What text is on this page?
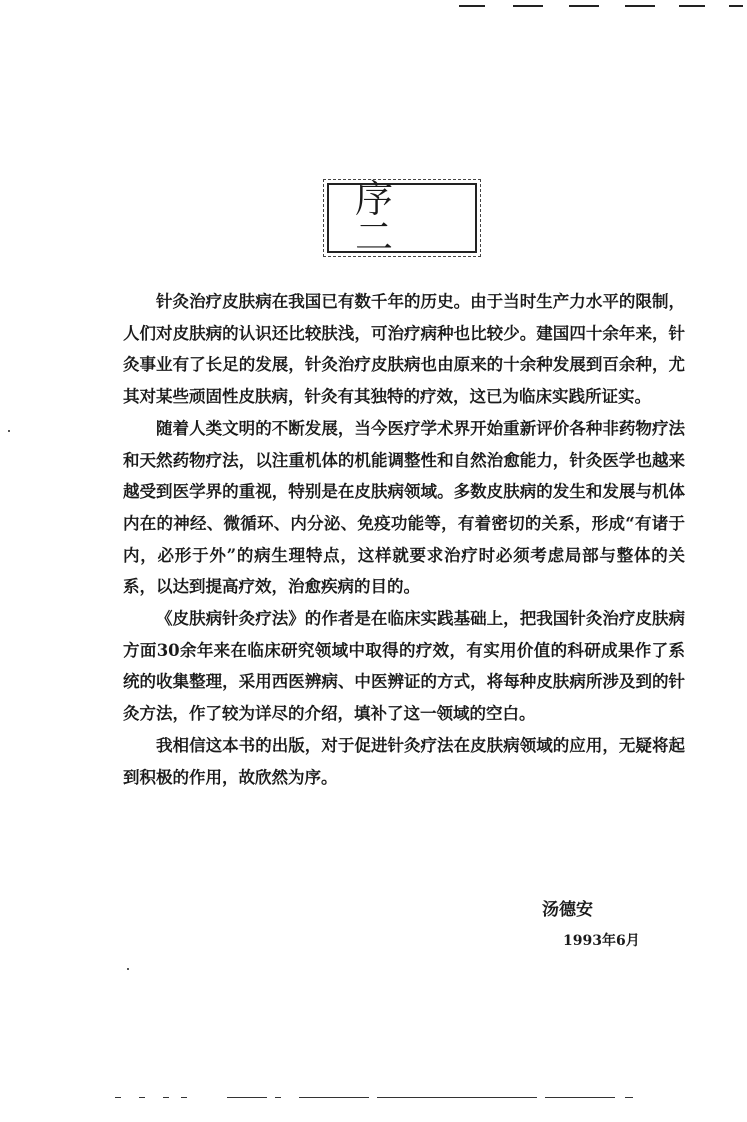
序 二

针灸治疗皮肤病在我国已有数千年的历史。由于当时生产力水平的限制，人们对皮肤病的认识还比较肤浅，可治疗病种也比较少。建国四十余年来，针灸事业有了长足的发展，针灸治疗皮肤病也由原来的十余种发展到百余种，尤其对某些顽固性皮肤病，针灸有其独特的疗效，这已为临床实践所证实。

随着人类文明的不断发展，当今医疗学术界开始重新评价各种非药物疗法和天然药物疗法，以注重机体的机能调整性和自然治愈能力，针灸医学也越来越受到医学界的重视，特别是在皮肤病领域。多数皮肤病的发生和发展与机体内在的神经、微循环、内分泌、免疫功能等，有着密切的关系，形成“有诸于内，必形于外”的病生理特点，这样就要求治疗时必须考虑局部与整体的关系，以达到提高疗效，治愈疾病的目的。

《皮肤病针灸疗法》的作者是在临床实践基础上，把我国针灸治疗皮肤病方面30余年来在临床研究领域中取得的疗效，有实用价值的科研成果作了系统的收集整理，采用西医辨病、中医辨证的方式，将每种皮肤病所涉及到的针灸方法，作了较为详尽的介绍，填补了这一领域的空白。

我相信这本书的出版，对于促进针灸疗法在皮肤病领域的应用，无疑将起到积极的作用，故欣然为序。

汤德安
1993年6月
